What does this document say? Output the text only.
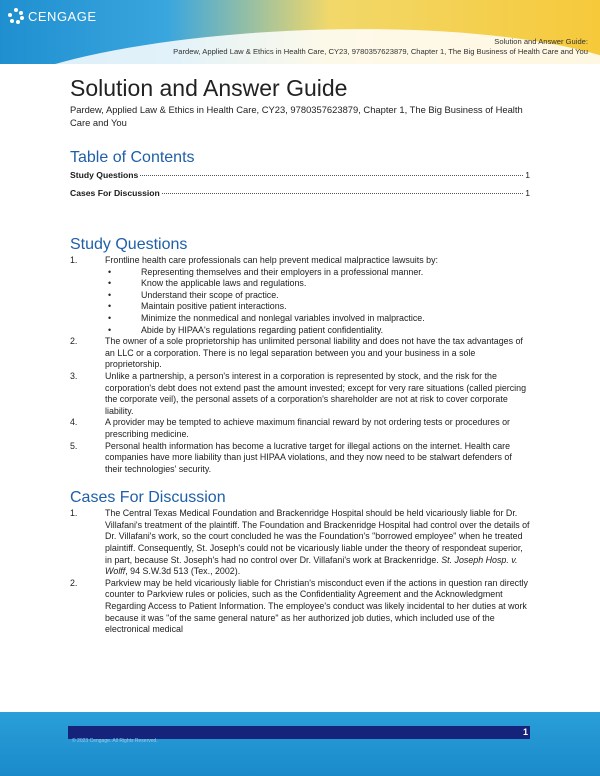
CENGAGE
Solution and Answer Guide:
Pardew, Applied Law & Ethics in Health Care, CY23, 9780357623879, Chapter 1, The Big Business of Health Care and You
Solution and Answer Guide
Pardew, Applied Law & Ethics in Health Care, CY23, 9780357623879, Chapter 1, The Big Business of Health Care and You
Table of Contents
Study Questions	1
Cases For Discussion	1
Study Questions
1.	Frontline health care professionals can help prevent medical malpractice lawsuits by:
•	Representing themselves and their employers in a professional manner.
•	Know the applicable laws and regulations.
•	Understand their scope of practice.
•	Maintain positive patient interactions.
•	Minimize the nonmedical and nonlegal variables involved in malpractice.
•	Abide by HIPAA's regulations regarding patient confidentiality.
2.	The owner of a sole proprietorship has unlimited personal liability and does not have the tax advantages of an LLC or a corporation. There is no legal separation between you and your business in a sole proprietorship.
3.	Unlike a partnership, a person's interest in a corporation is represented by stock, and the risk for the corporation's debt does not extend past the amount invested; except for very rare situations (called piercing the corporate veil), the personal assets of a corporation's shareholder are not at risk to cover corporate liability.
4.	A provider may be tempted to achieve maximum financial reward by not ordering tests or procedures or prescribing medicine.
5.	Personal health information has become a lucrative target for illegal actions on the internet. Health care companies have more liability than just HIPAA violations, and they now need to be stalwart defenders of their technologies' security.
Cases For Discussion
1.	The Central Texas Medical Foundation and Brackenridge Hospital should be held vicariously liable for Dr. Villafani's treatment of the plaintiff. The Foundation and Brackenridge Hospital had control over the details of Dr. Villafani's work, so the court concluded he was the Foundation's "borrowed employee" when he treated plaintiff. Consequently, St. Joseph's could not be vicariously liable under the theory of respondeat superior, in part, because St. Joseph's had no control over Dr. Villafani's work at Brackenridge. St. Joseph Hosp. v. Wolff, 94 S.W.3d 513 (Tex., 2002).
2.	Parkview may be held vicariously liable for Christian's misconduct even if the actions in question ran directly counter to Parkview rules or policies, such as the Confidentiality Agreement and the Acknowledgment Regarding Access to Patient Information. The employee's conduct was likely incidental to her duties at work because it was "of the same general nature" as her authorized job duties, which included use of the electronical medical
1
© 2023 Cengage. All Rights Reserved.
